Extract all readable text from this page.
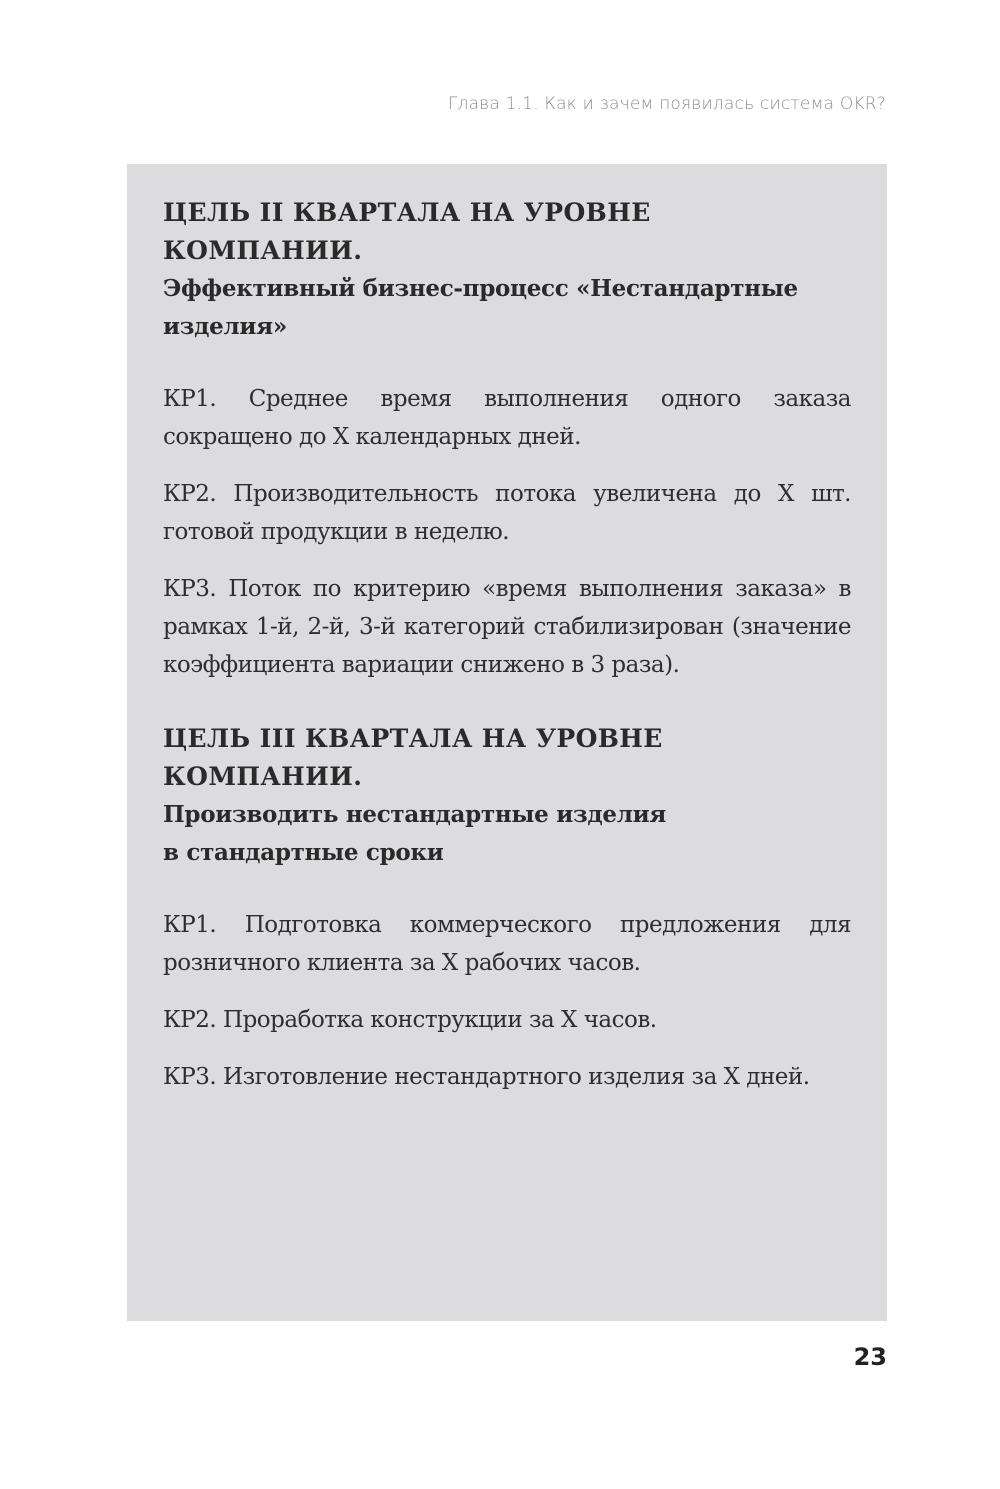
Глава 1.1. Как и зачем появилась система OKR?
ЦЕЛЬ II КВАРТАЛА НА УРОВНЕ КОМПАНИИ.
Эффективный бизнес-процесс «Нестандартные
изделия»
КР1. Среднее время выполнения одного заказа сокращено до Х календарных дней.
КР2. Производительность потока увеличена до Х шт. готовой продукции в неделю.
КР3. Поток по критерию «время выполнения заказа» в рамках 1-й, 2-й, 3-й категорий стабилизирован (значение коэффициента вариации снижено в 3 раза).
ЦЕЛЬ III КВАРТАЛА НА УРОВНЕ КОМПАНИИ.
Производить нестандартные изделия
в стандартные сроки
КР1. Подготовка коммерческого предложения для розничного клиента за Х рабочих часов.
КР2. Проработка конструкции за Х часов.
КР3. Изготовление нестандартного изделия за Х дней.
23
